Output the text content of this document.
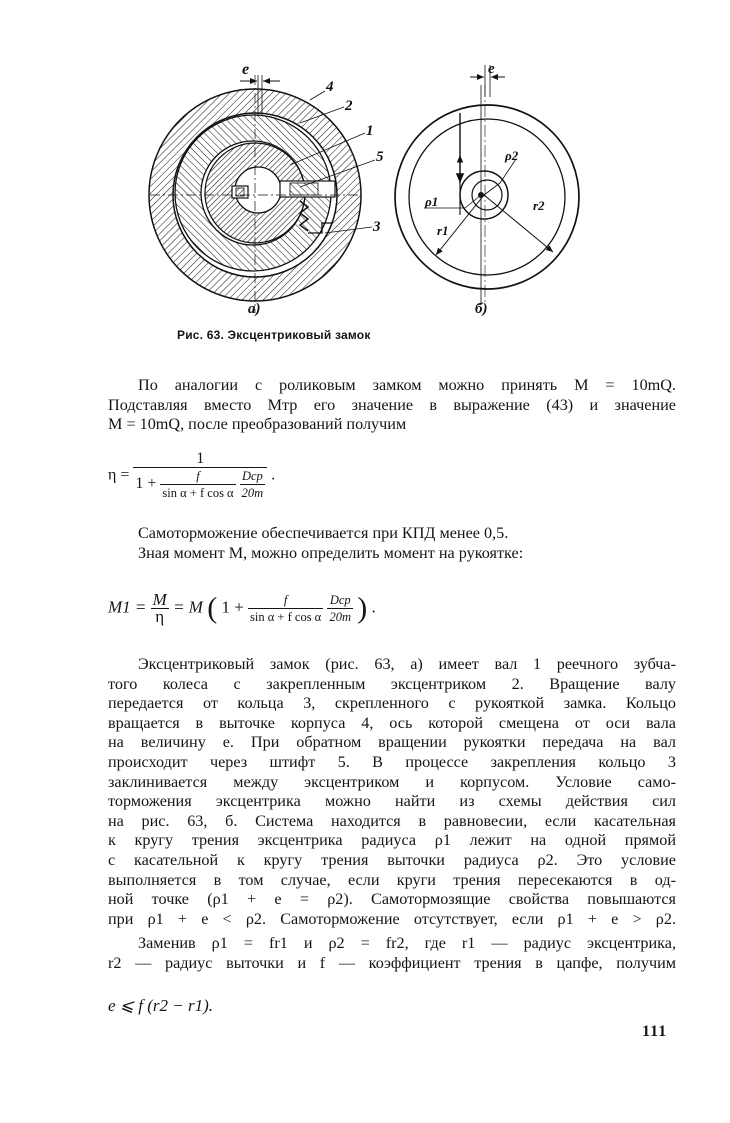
e
4
2
1
5
3
а)
e
ρ2
ρ1
r1
r2
б)
Рис. 63. Эксцентриковый замок
По аналогии с роликовым замком можно принять M = 10mQ.
Подставляя вместо Mтр его значение в выражение (43) и значение
M = 10mQ, после преобразований получим
η =
1
$1 + \frac{f}{\text{sin α + f cos α}}$
$\frac{\text{Dср}}{20m}$ .
Самоторможение обеспечивается при КПД менее 0,5.
Зная момент M, можно определить момент на рукоятке:
$M1 = \frac{M}{\eta} = M$ ( $1 + \frac{f}{\text{sin α + f cos α}}$
$\frac{\text{Dср}}{20m}$ ) .
Эксцентриковый замок (рис. 63, а) имеет вал 1 реечного зубча-
того колеса с закрепленным эксцентриком 2. Вращение валу
передается от кольца 3, скрепленного с рукояткой замка. Кольцо
вращается в выточке корпуса 4, ось которой смещена от оси вала
на величину e. При обратном вращении рукоятки передача на вал
происходит через штифт 5. В процессе закрепления кольцо 3
заклинивается между эксцентриком и корпусом. Условие само-
торможения эксцентрика можно найти из схемы действия сил
на рис. 63, б. Система находится в равновесии, если касательная
к кругу трения эксцентрика радиуса ρ1 лежит на одной прямой
с касательной к кругу трения выточки радиуса ρ2. Это условие
выполняется в том случае, если круги трения пересекаются в од-
ной точке (ρ1 + e = ρ2). Самотормозящие свойства повышаются
при ρ1 + e < ρ2. Самоторможение отсутствует, если ρ1 + e > ρ2.
Заменив ρ1 = fr1 и ρ2 = fr2, где r1 — радиус эксцентрика,
r2 — радиус выточки и f — коэффициент трения в цапфе, получим
e ⩽ f (r2 − r1).
111
